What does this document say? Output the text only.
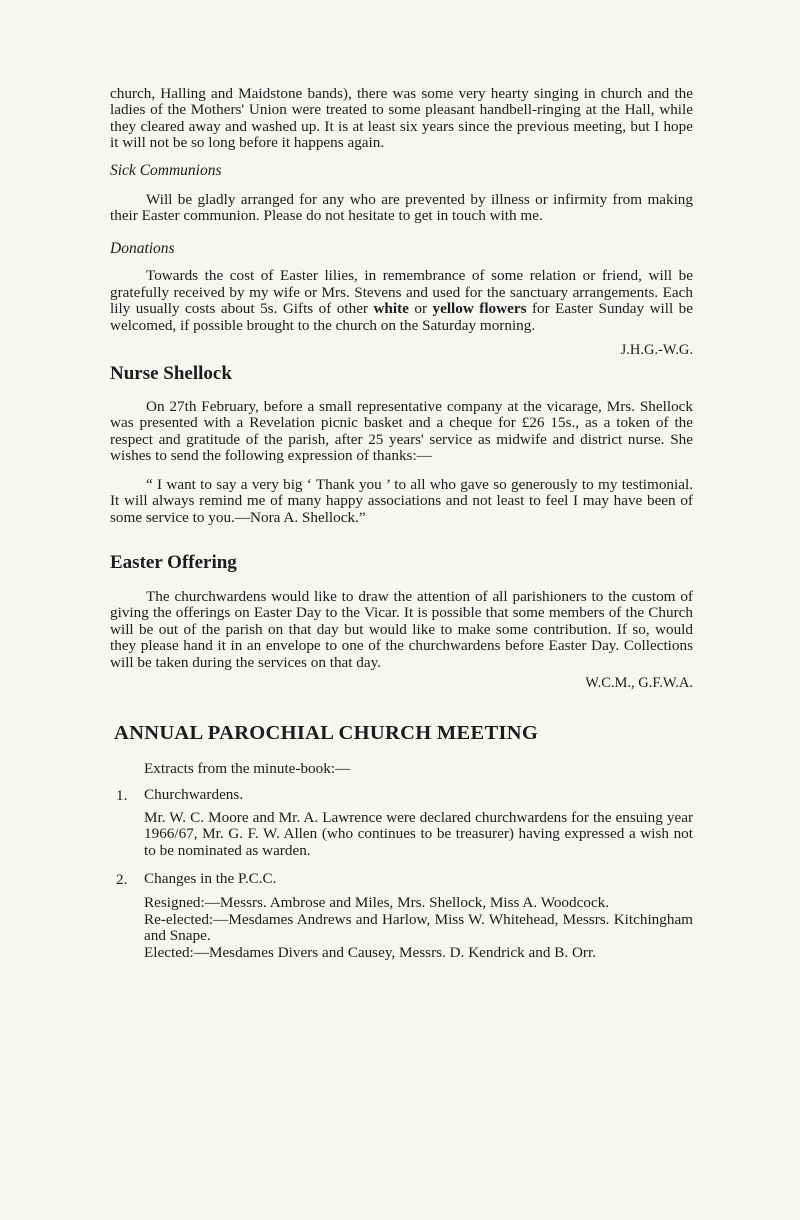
church, Halling and Maidstone bands), there was some very hearty singing in church and the ladies of the Mothers' Union were treated to some pleasant handbell-ringing at the Hall, while they cleared away and washed up. It is at least six years since the previous meeting, but I hope it will not be so long before it happens again.

Sick Communions

Will be gladly arranged for any who are prevented by illness or infirmity from making their Easter communion. Please do not hesitate to get in touch with me.

Donations

Towards the cost of Easter lilies, in remembrance of some relation or friend, will be gratefully received by my wife or Mrs. Stevens and used for the sanctuary arrangements. Each lily usually costs about 5s. Gifts of other white or yellow flowers for Easter Sunday will be welcomed, if possible brought to the church on the Saturday morning.

J.H.G.-W.G.

Nurse Shellock

On 27th February, before a small representative company at the vicarage, Mrs. Shellock was presented with a Revelation picnic basket and a cheque for £26 15s., as a token of the respect and gratitude of the parish, after 25 years' service as midwife and district nurse. She wishes to send the following expression of thanks:—

“ I want to say a very big ‘ Thank you ’ to all who gave so generously to my testimonial. It will always remind me of many happy associations and not least to feel I may have been of some service to you.—Nora A. Shellock.”

Easter Offering

The churchwardens would like to draw the attention of all parishioners to the custom of giving the offerings on Easter Day to the Vicar. It is possible that some members of the Church will be out of the parish on that day but would like to make some contribution. If so, would they please hand it in an envelope to one of the churchwardens before Easter Day. Collections will be taken during the services on that day.

W.C.M., G.F.W.A.

ANNUAL PAROCHIAL CHURCH MEETING

Extracts from the minute-book:—

1. Churchwardens.

Mr. W. C. Moore and Mr. A. Lawrence were declared churchwardens for the ensuing year 1966/67, Mr. G. F. W. Allen (who continues to be treasurer) having expressed a wish not to be nominated as warden.

2. Changes in the P.C.C.

Resigned:—Messrs. Ambrose and Miles, Mrs. Shellock, Miss A. Woodcock.

Re-elected:—Mesdames Andrews and Harlow, Miss W. Whitehead, Messrs. Kitchingham and Snape.

Elected:—Mesdames Divers and Causey, Messrs. D. Kendrick and B. Orr.
